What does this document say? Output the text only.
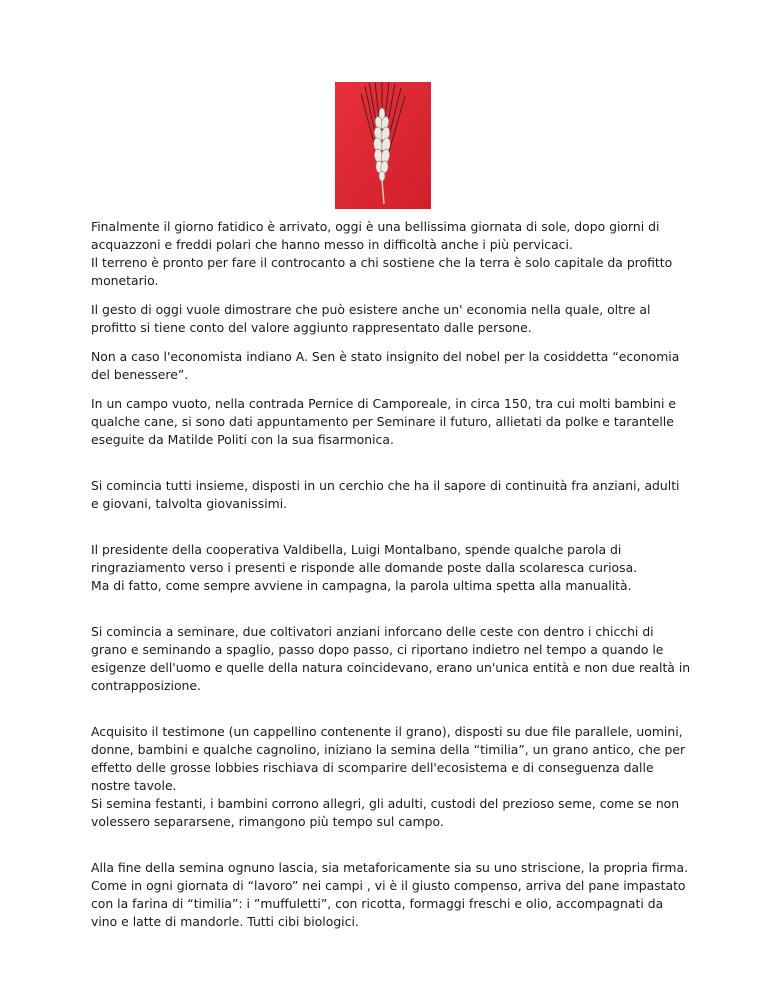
Finalmente il giorno fatidico è arrivato, oggi è una bellissima giornata di sole, dopo giorni di acquazzoni e freddi polari che hanno messo in difficoltà anche i più pervicaci.
Il terreno è pronto per fare il controcanto a chi sostiene che la terra è solo capitale da profitto monetario.

Il gesto di oggi vuole dimostrare che può esistere anche un' economia nella quale, oltre al profitto si tiene conto del valore aggiunto rappresentato dalle persone.

Non a caso l'economista indiano A. Sen è stato insignito del nobel per la cosiddetta “economia del benessere”.

In un campo vuoto, nella contrada Pernice di Camporeale, in circa 150, tra cui molti bambini e qualche cane, si sono dati appuntamento per Seminare il futuro, allietati da polke e tarantelle eseguite da Matilde Politi con la sua fisarmonica.

Si comincia tutti insieme, disposti in un cerchio che ha il sapore di continuità fra anziani, adulti e giovani, talvolta giovanissimi.

Il presidente della cooperativa Valdibella, Luigi Montalbano, spende qualche parola di ringraziamento verso i presenti e risponde alle domande poste dalla scolaresca curiosa.
Ma di fatto, come sempre avviene in campagna, la parola ultima spetta alla manualità.

Si comincia a seminare, due coltivatori anziani inforcano delle ceste con dentro i chicchi di grano e seminando a spaglio, passo dopo passo, ci riportano indietro nel tempo a quando le esigenze dell'uomo e quelle della natura coincidevano, erano un'unica entità e non due realtà in contrapposizione.

Acquisito il testimone (un cappellino contenente il grano), disposti su due file parallele, uomini, donne, bambini e qualche cagnolino, iniziano la semina della “timilia”, un grano antico, che per effetto delle grosse lobbies rischiava di scomparire dell'ecosistema e di conseguenza dalle nostre tavole.
Si semina festanti, i bambini corrono allegri, gli adulti, custodi del prezioso seme, come se non volessero separarsene, rimangono più tempo sul campo.

Alla fine della semina ognuno lascia, sia metaforicamente sia su uno striscione, la propria firma. Come in ogni giornata di “lavoro” nei campi , vi è il giusto compenso, arriva del pane impastato con la farina di “timilia”: i ”muffuletti”, con ricotta, formaggi freschi e olio, accompagnati da vino e latte di mandorle. Tutti cibi biologici.
